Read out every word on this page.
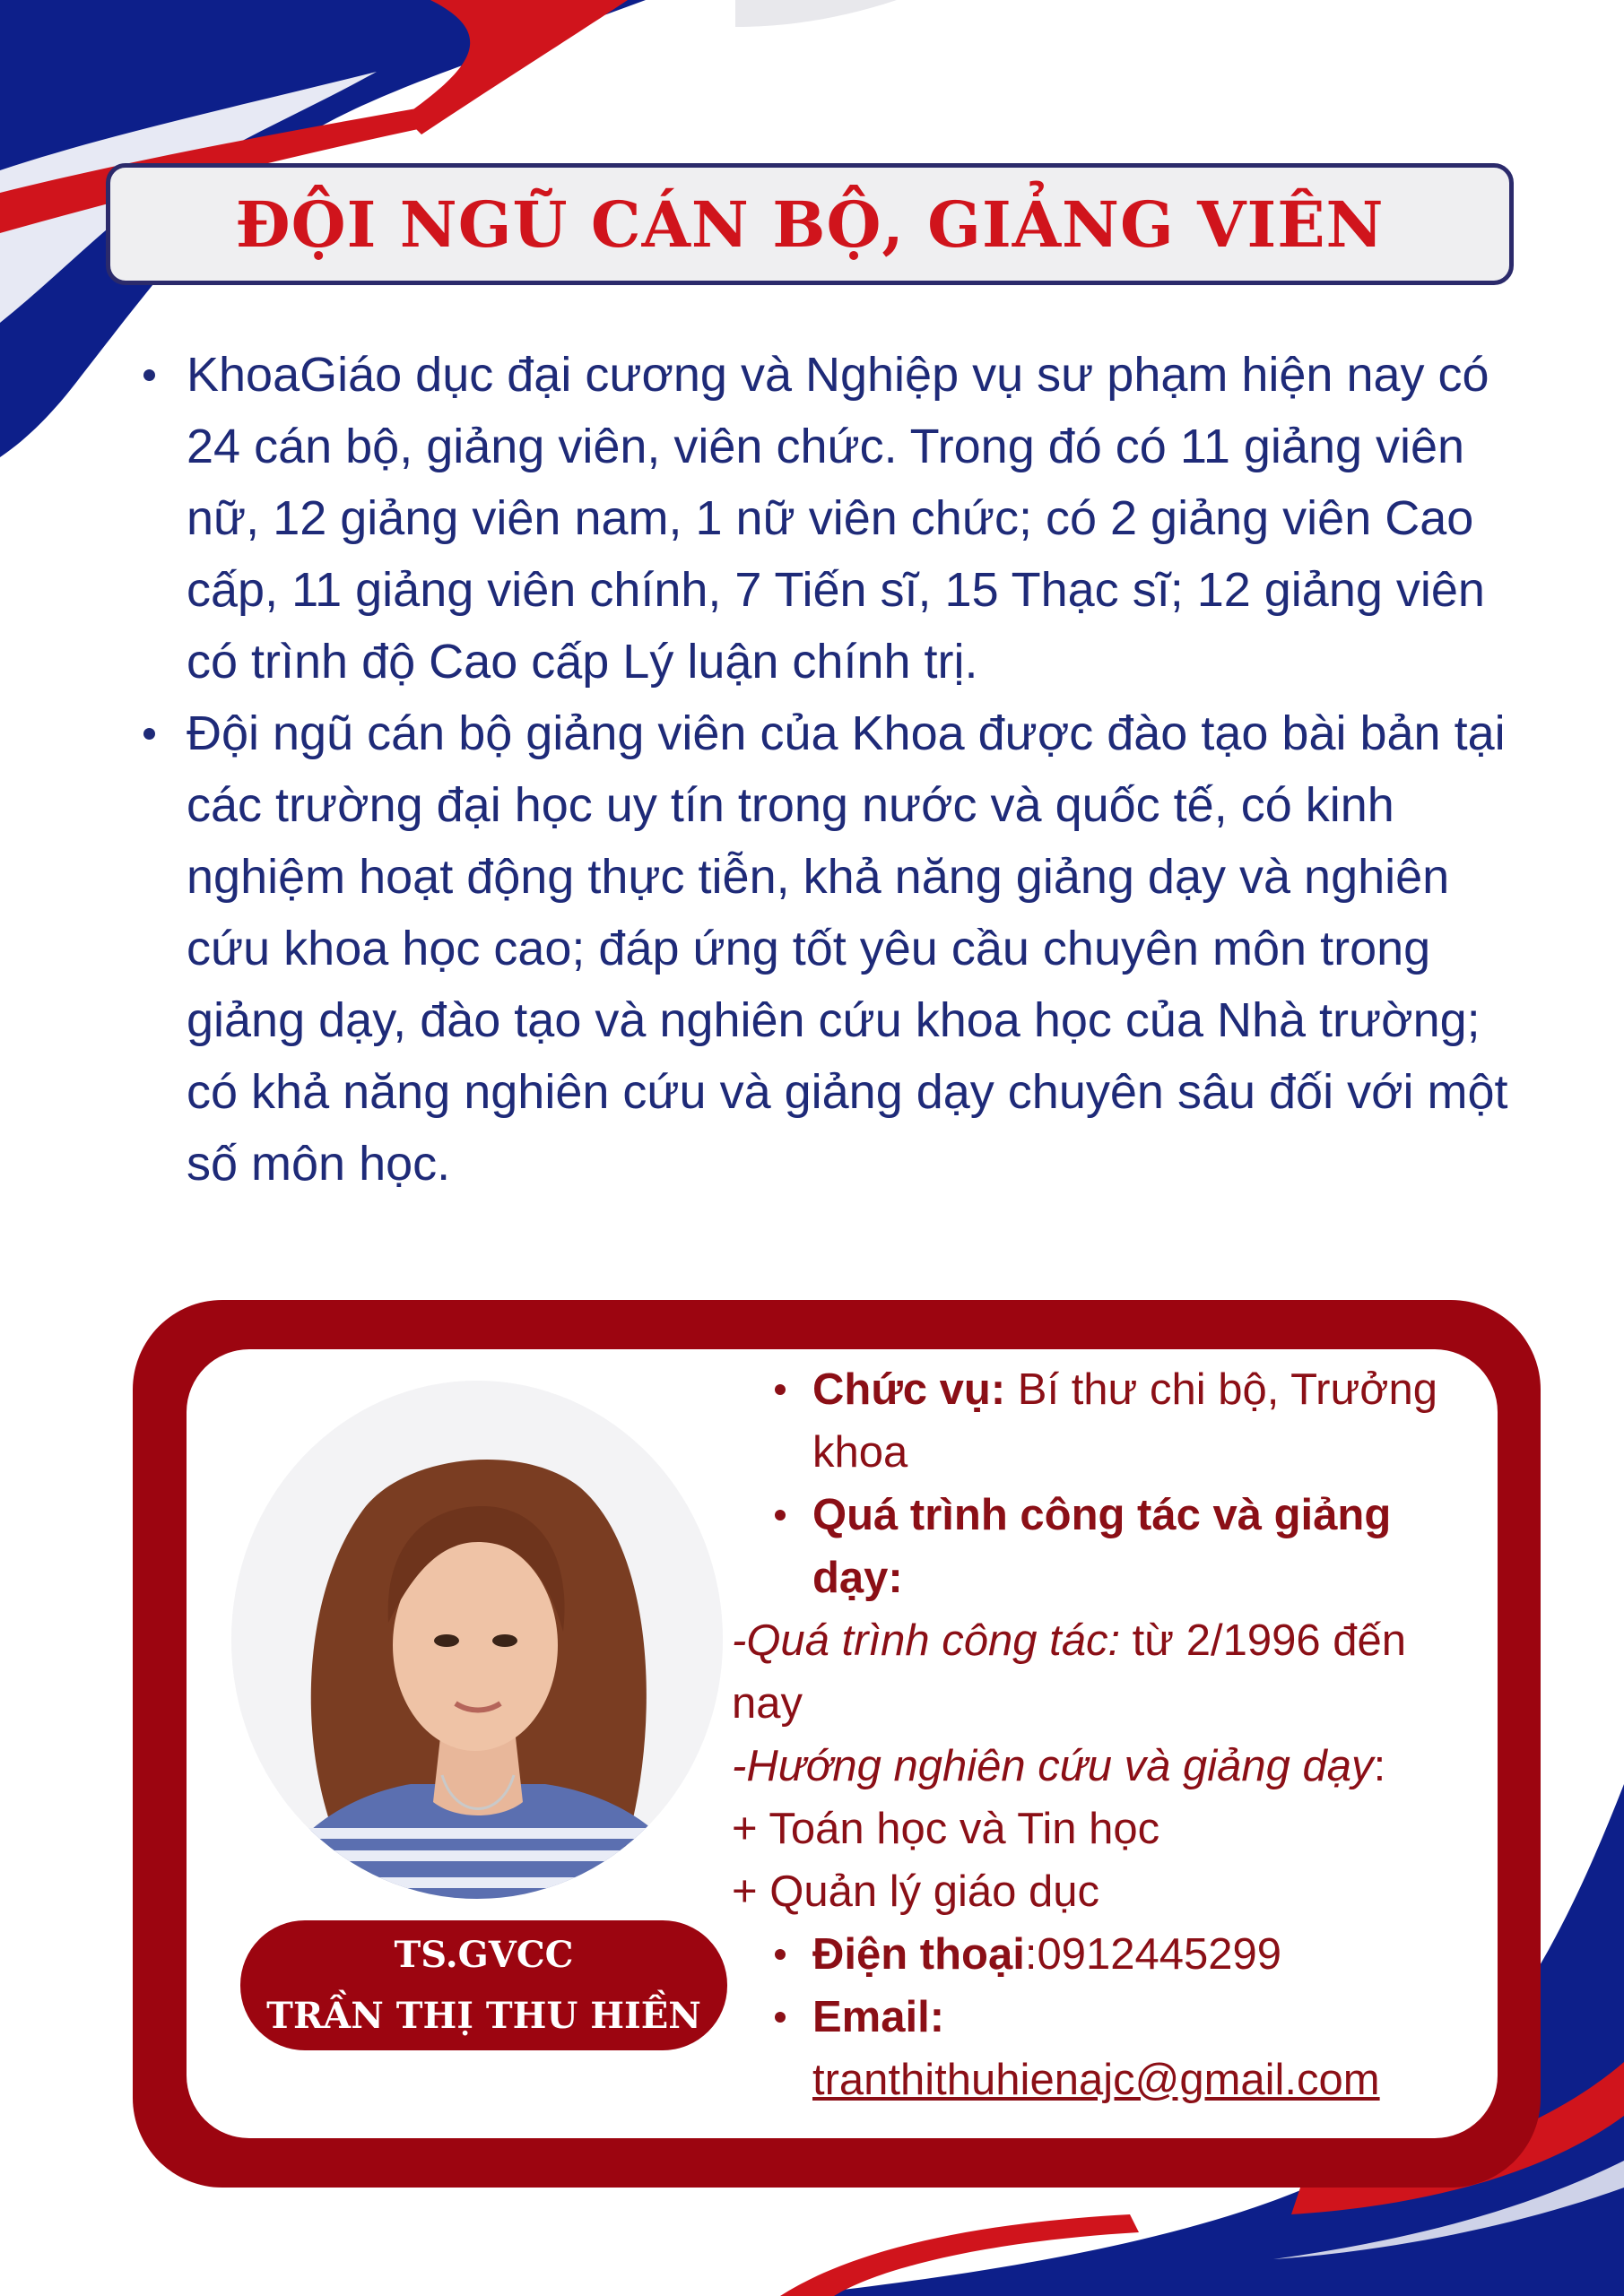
ĐỘI NGŨ CÁN BỘ, GIẢNG VIÊN
KhoaGiáo dục đại cương và Nghiệp vụ sư phạm hiện nay có 24 cán bộ, giảng viên, viên chức. Trong đó có 11 giảng viên nữ, 12 giảng viên nam, 1 nữ viên chức; có 2 giảng viên Cao cấp, 11 giảng viên chính, 7 Tiến sĩ, 15 Thạc sĩ; 12 giảng viên có trình độ Cao cấp Lý luận chính trị.
Đội ngũ cán bộ giảng viên của Khoa được đào tạo bài bản tại các trường đại học uy tín trong nước và quốc tế, có kinh nghiệm hoạt động thực tiễn, khả năng giảng dạy và nghiên cứu khoa học cao; đáp ứng tốt yêu cầu chuyên môn trong giảng dạy, đào tạo và nghiên cứu khoa học của Nhà trường; có khả năng nghiên cứu và giảng dạy chuyên sâu đối với một số môn học.
TS.GVCC
TRẦN THỊ THU HIỀN
Chức vụ: Bí thư chi bộ, Trưởng khoa
Quá trình công tác và giảng dạy:
-Quá trình công tác: từ 2/1996 đến nay
-Hướng nghiên cứu và giảng dạy:
+ Toán học và Tin học
+ Quản lý giáo dục
Điện thoại:0912445299
Email:
tranthithuhienajc@gmail.com
